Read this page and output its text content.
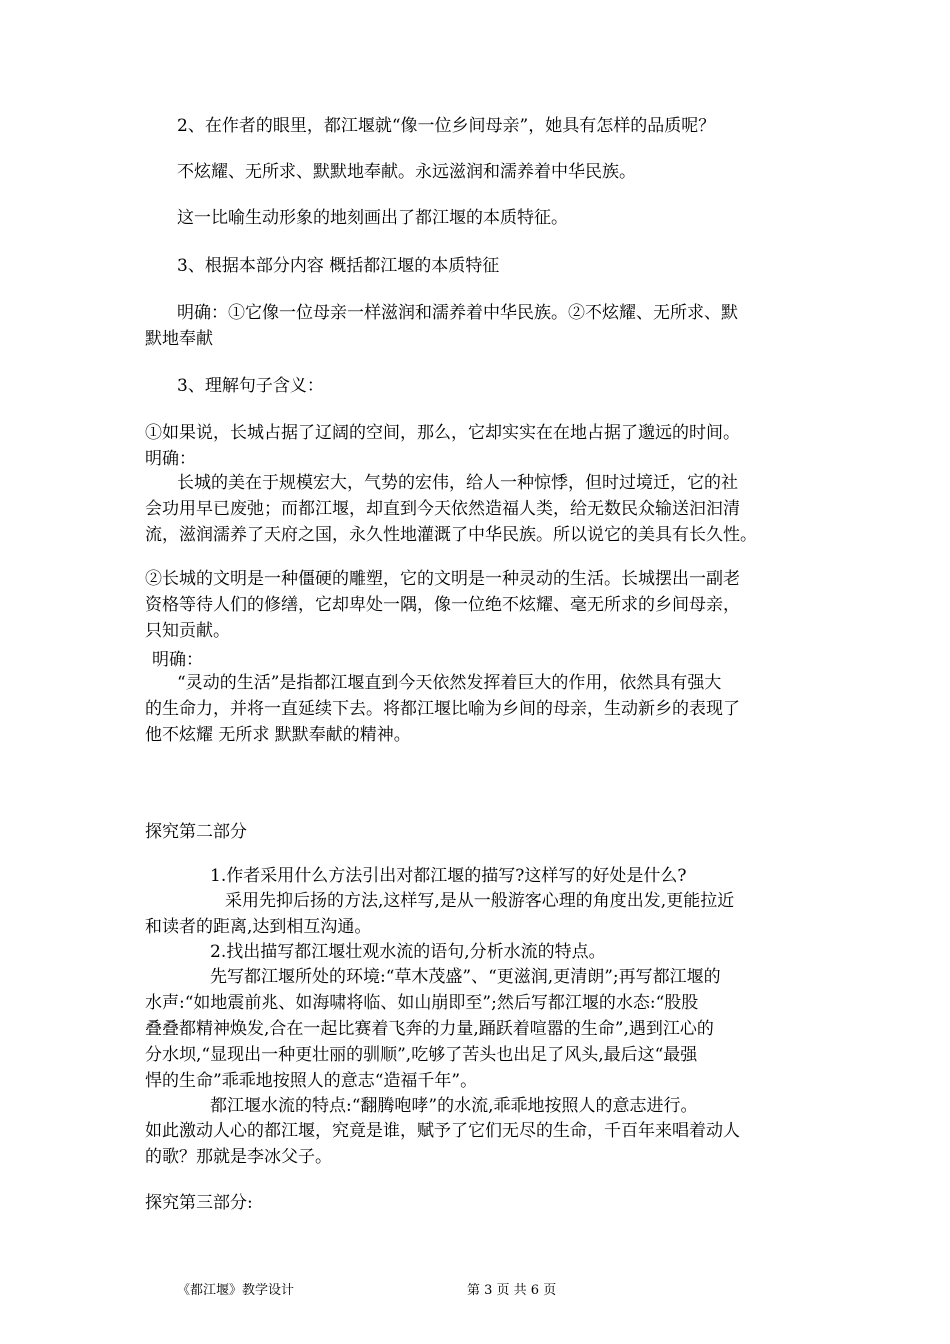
2、在作者的眼里，都江堰就“像一位乡间母亲”，她具有怎样的品质呢？

不炫耀、无所求、默默地奉献。永远滋润和濡养着中华民族。

这一比喻生动形象的地刻画出了都江堰的本质特征。

3、根据本部分内容 概括都江堰的本质特征

明确：①它像一位母亲一样滋润和濡养着中华民族。②不炫耀、无所求、默

默地奉献

3、理解句子含义：

①如果说，长城占据了辽阔的空间，那么，它却实实在在地占据了邈远的时间。

明确：

长城的美在于规模宏大，气势的宏伟，给人一种惊悸，但时过境迁，它的社
会功用早已废弛；而都江堰，却直到今天依然造福人类，给无数民众输送汩汩清
流，滋润濡养了天府之国，永久性地灌溉了中华民族。所以说它的美具有长久性。
②长城的文明是一种僵硬的雕塑，它的文明是一种灵动的生活。长城摆出一副老
资格等待人们的修缮，它却卑处一隅，像一位绝不炫耀、毫无所求的乡间母亲，
只知贡献。

明确：

“灵动的生活”是指都江堰直到今天依然发挥着巨大的作用，依然具有强大
的生命力，并将一直延续下去。将都江堰比喻为乡间的母亲，生动新乡的表现了
他不炫耀 无所求 默默奉献的精神。

探究第二部分

1.作者采用什么方法引出对都江堰的描写?这样写的好处是什么?

采用先抑后扬的方法,这样写,是从一般游客心理的角度出发,更能拉近
和读者的距离,达到相互沟通。

2.找出描写都江堰壮观水流的语句,分析水流的特点。

先写都江堰所处的环境:“草木茂盛”、“更滋润,更清朗”;再写都江堰的
水声:“如地震前兆、如海啸将临、如山崩即至”;然后写都江堰的水态:“股股
叠叠都精神焕发,合在一起比赛着飞奔的力量,踊跃着喧嚣的生命”,遇到江心的
分水坝,“显现出一种更壮丽的驯顺”,吃够了苦头也出足了风头,最后这“最强
悍的生命”乖乖地按照人的意志“造福千年”。

都江堰水流的特点:“翻腾咆哮”的水流,乖乖地按照人的意志进行。

如此激动人心的都江堰，究竟是谁，赋予了它们无尽的生命，千百年来唱着动人
的歌？那就是李冰父子。

探究第三部分:

《都江堰》教学设计	第 3 页 共 6 页
